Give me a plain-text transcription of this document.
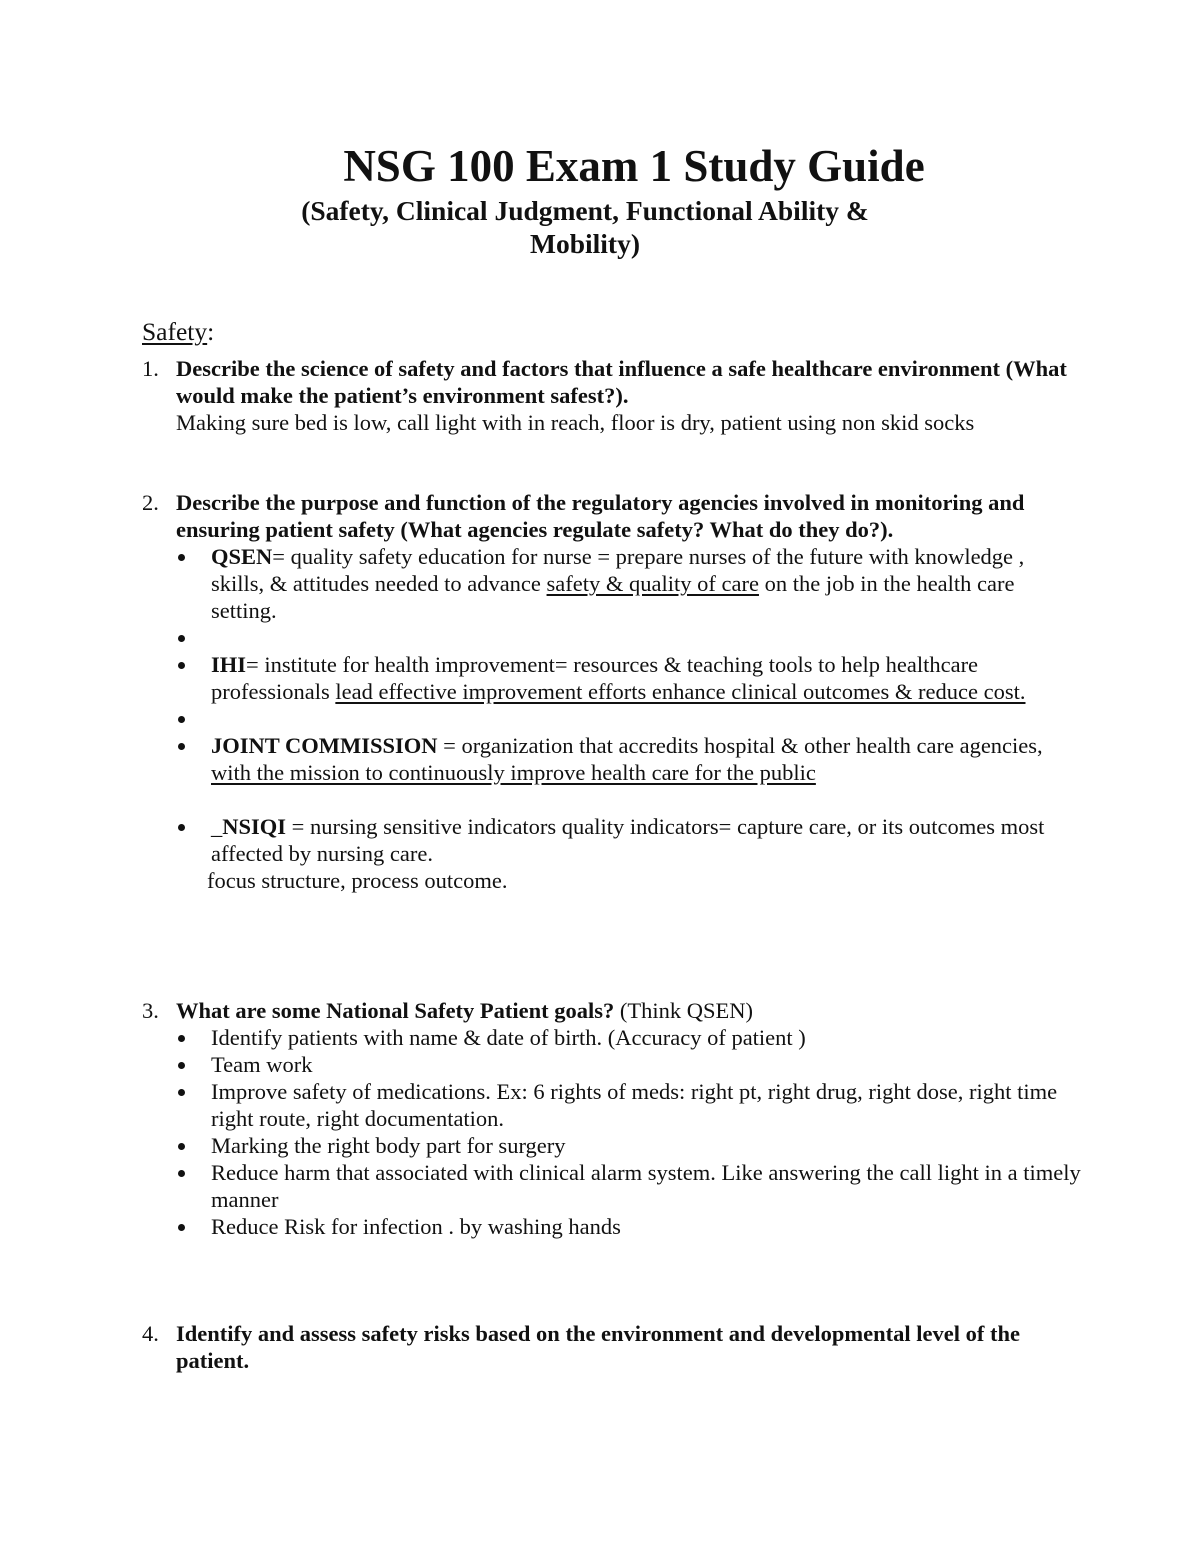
NSG 100 Exam 1 Study Guide
(Safety, Clinical Judgment, Functional Ability &
Mobility)
Safety:
1. Describe the science of safety and factors that influence a safe healthcare environment (What would make the patient’s environment safest?).
Making sure bed is low, call light with in reach, floor is dry, patient using non skid socks
2. Describe the purpose and function of the regulatory agencies involved in monitoring and ensuring patient safety (What agencies regulate safety? What do they do?).
QSEN= quality safety education for nurse = prepare nurses of the future with knowledge , skills, & attitudes needed to advance safety & quality of care on the job in the health care setting.
IHI= institute for health improvement= resources & teaching tools to help healthcare professionals lead effective improvement efforts enhance clinical outcomes & reduce cost.
JOINT COMMISSION = organization that accredits hospital & other health care agencies, with the mission to continuously improve health care for the public
_NSIQI = nursing sensitive indicators quality indicators= capture care, or its outcomes most affected by nursing care.
focus structure, process outcome.
3. What are some National Safety Patient goals? (Think QSEN)
Identify patients with name & date of birth. (Accuracy of patient )
Team work
Improve safety of medications. Ex: 6 rights of meds: right pt, right drug, right dose, right time right route, right documentation.
Marking the right body part for surgery
Reduce harm that associated with clinical alarm system. Like answering the call light in a timely manner
Reduce Risk for infection . by washing hands
4. Identify and assess safety risks based on the environment and developmental level of the patient.
